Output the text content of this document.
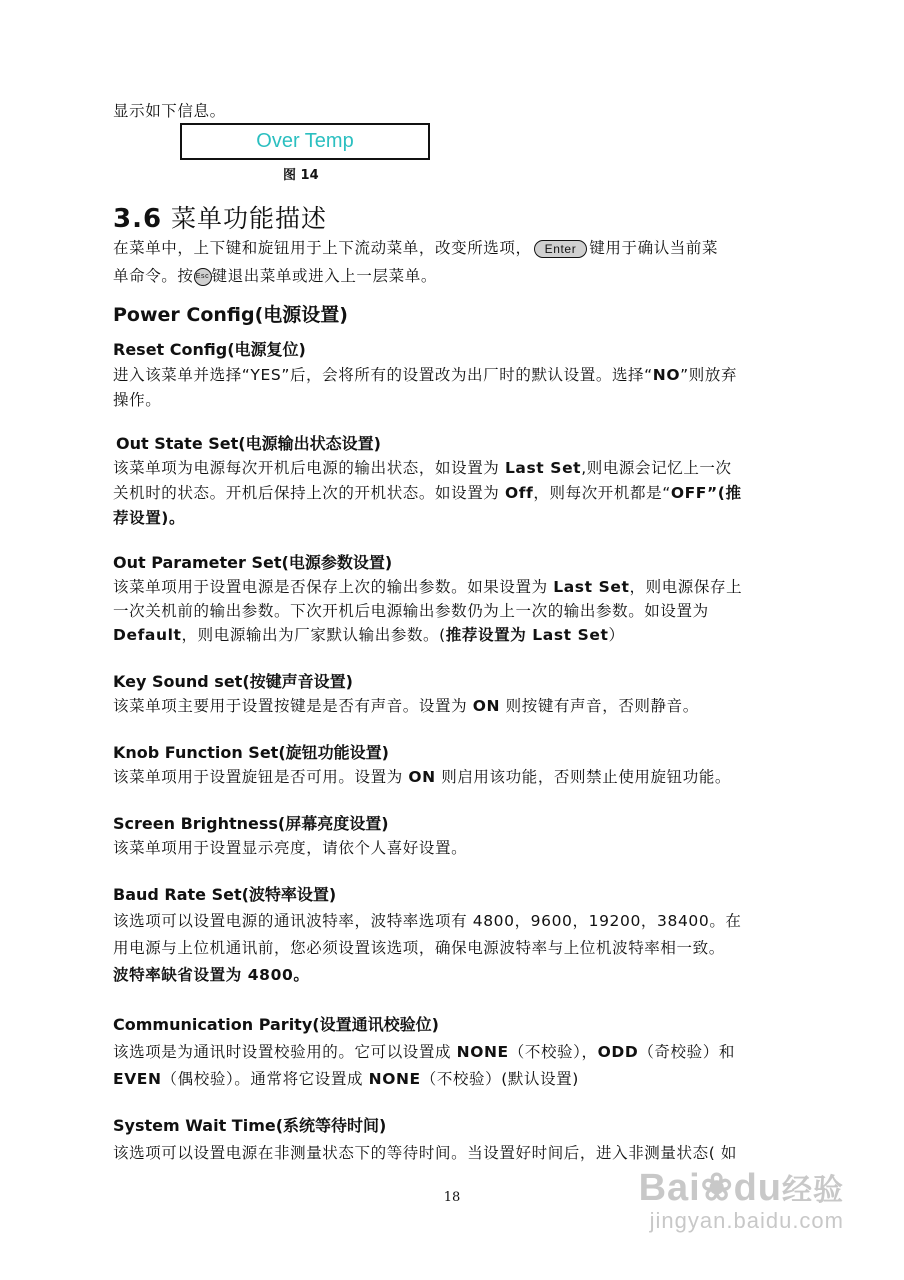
显示如下信息。
Over Temp
图 14
3.6 菜单功能描述
在菜单中，上下键和旋钮用于上下流动菜单，改变所选项， Enter 键用于确认当前菜
单命令。按 Esc 键退出菜单或进入上一层菜单。
Power Config(电源设置)
Reset Config(电源复位)
进入该菜单并选择“YES”后，会将所有的设置改为出厂时的默认设置。选择“NO”则放弃
操作。
Out State Set(电源输出状态设置)
该菜单项为电源每次开机后电源的输出状态，如设置为 Last Set,则电源会记忆上一次
关机时的状态。开机后保持上次的开机状态。如设置为 Off，则每次开机都是“OFF”(推
荐设置)。
Out Parameter Set(电源参数设置)
该菜单项用于设置电源是否保存上次的输出参数。如果设置为 Last Set，则电源保存上
一次关机前的输出参数。下次开机后电源输出参数仍为上一次的输出参数。如设置为
Default，则电源输出为厂家默认输出参数。(推荐设置为 Last Set）
Key Sound set(按键声音设置)
该菜单项主要用于设置按键是是否有声音。设置为 ON 则按键有声音，否则静音。
Knob Function Set(旋钮功能设置)
该菜单项用于设置旋钮是否可用。设置为 ON 则启用该功能，否则禁止使用旋钮功能。
Screen Brightness(屏幕亮度设置)
该菜单项用于设置显示亮度，请依个人喜好设置。
Baud Rate Set(波特率设置)
该选项可以设置电源的通讯波特率，波特率选项有 4800，9600，19200，38400。在
用电源与上位机通讯前，您必须设置该选项，确保电源波特率与上位机波特率相一致。
波特率缺省设置为 4800。
Communication Parity(设置通讯校验位)
该选项是为通讯时设置校验用的。它可以设置成 NONE（不校验），ODD（奇校验）和
EVEN（偶校验）。通常将它设置成 NONE（不校验）(默认设置)
System Wait Time(系统等待时间)
该选项可以设置电源在非测量状态下的等待时间。当设置好时间后，进入非测量状态( 如
18	Bai❀du经验
jingyan.baidu.com
